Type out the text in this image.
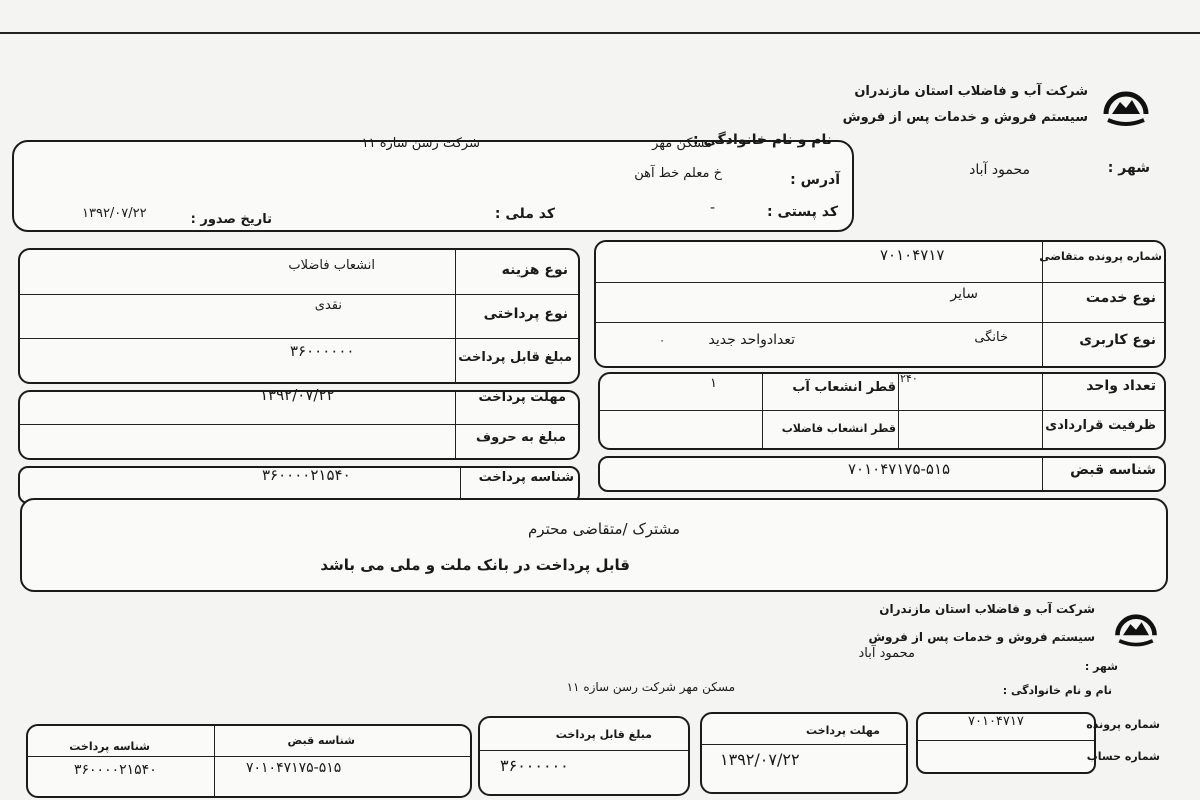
شرکت آب و فاضلاب استان مازندران
سیستم فروش و خدمات پس از فروش
شهر :
محمود آباد
نام و نام خانوادگی :
مسکن مهر
شرکت رسن سازه ۱۱
آدرس :
خ معلم خط آهن
کد پستی :
-
کد ملی :
تاریخ صدور :
۱۳۹۲/۰۷/۲۲
نوع هزینه
انشعاب فاضلاب
نوع پرداختی
نقدی
مبلغ قابل پرداخت
۳۶۰۰۰۰۰۰
مهلت پرداخت
۱۳۹۲/۰۷/۲۲
مبلغ به حروف
شناسه پرداخت
۳۶۰۰۰۰۲۱۵۴۰
شماره پرونده متقاضی
۷۰۱۰۴۷۱۷
نوع خدمت
سایر
نوع کاربری
خانگی
تعدادواحد جدید
۰
تعداد واحد
۲۴۰
قطر انشعاب آب
۱
ظرفیت قراردادی
قطر انشعاب فاضلاب
شناسه قبض
۷۰۱۰۴۷۱۷۵-۵۱۵
مشترک /متقاضی محترم
قابل پرداخت در بانک ملت و ملی می باشد
شرکت آب و فاضلاب استان مازندران
سیستم فروش و خدمات پس از فروش
محمود آباد
شهر :
مسکن مهر شرکت رسن سازه ۱۱	نام و نام خانوادگی :
۷۰۱۰۴۷۱۷	شماره پرونده
شماره حساب
مهلت پرداخت
۱۳۹۲/۰۷/۲۲
مبلغ قابل پرداخت
۳۶۰۰۰۰۰۰
شناسه قبض
۷۰۱۰۴۷۱۷۵-۵۱۵
شناسه پرداخت
۳۶۰۰۰۰۲۱۵۴۰
